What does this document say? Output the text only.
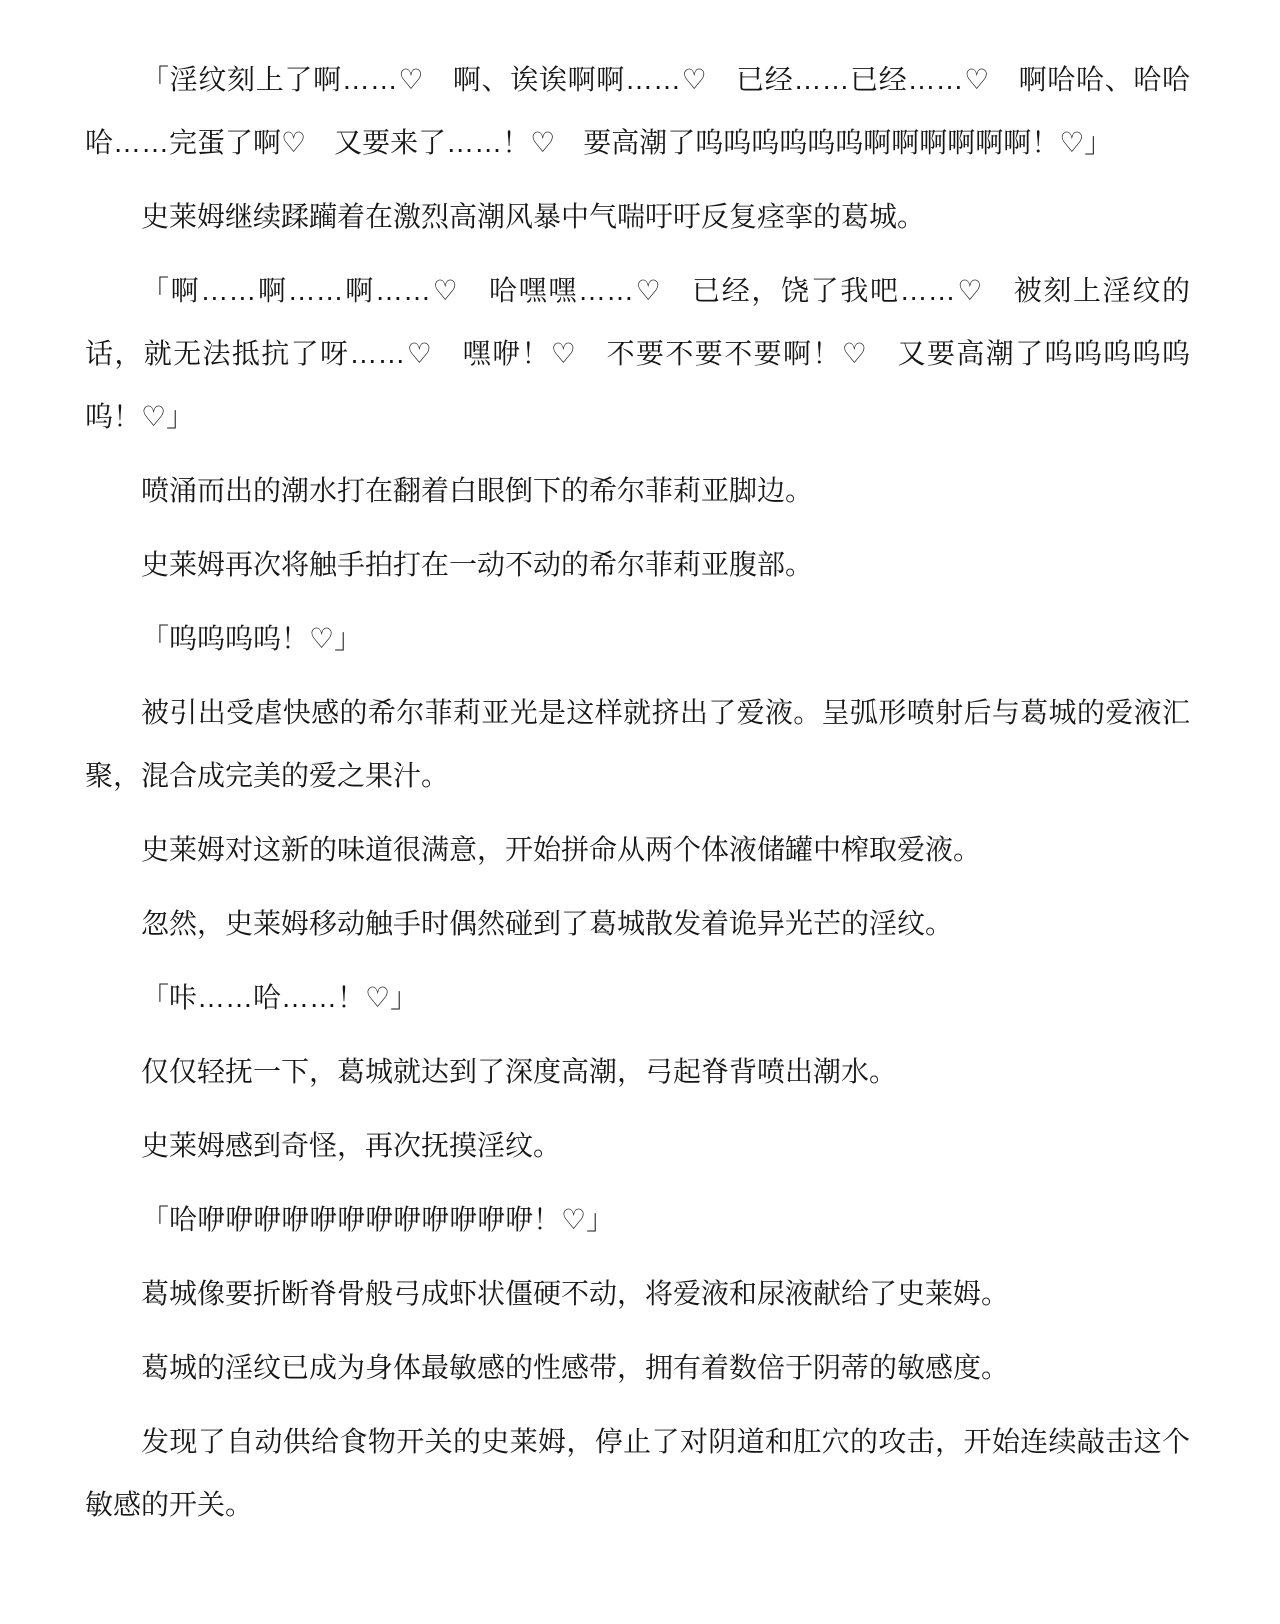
「淫纹刻上了啊……♡　啊、诶诶啊啊……♡　已经……已经……♡　啊哈哈、哈哈哈……完蛋了啊♡　又要来了……！♡　要高潮了呜呜呜呜呜呜啊啊啊啊啊啊！♡」

史莱姆继续蹂躏着在激烈高潮风暴中气喘吁吁反复痉挛的葛城。

「啊……啊……啊……♡　哈嘿嘿……♡　已经，饶了我吧……♡　被刻上淫纹的话，就无法抵抗了呀……♡　嘿咿！♡　不要不要不要啊！♡　又要高潮了呜呜呜呜呜呜！♡」

喷涌而出的潮水打在翻着白眼倒下的希尔菲莉亚脚边。

史莱姆再次将触手拍打在一动不动的希尔菲莉亚腹部。

「呜呜呜呜！♡」

被引出受虐快感的希尔菲莉亚光是这样就挤出了爱液。呈弧形喷射后与葛城的爱液汇聚，混合成完美的爱之果汁。

史莱姆对这新的味道很满意，开始拼命从两个体液储罐中榨取爱液。

忽然，史莱姆移动触手时偶然碰到了葛城散发着诡异光芒的淫纹。

「咔……哈……！♡」

仅仅轻抚一下，葛城就达到了深度高潮，弓起脊背喷出潮水。

史莱姆感到奇怪，再次抚摸淫纹。

「哈咿咿咿咿咿咿咿咿咿咿咿咿！♡」

葛城像要折断脊骨般弓成虾状僵硬不动，将爱液和尿液献给了史莱姆。

葛城的淫纹已成为身体最敏感的性感带，拥有着数倍于阴蒂的敏感度。

发现了自动供给食物开关的史莱姆，停止了对阴道和肛穴的攻击，开始连续敲击这个敏感的开关。
